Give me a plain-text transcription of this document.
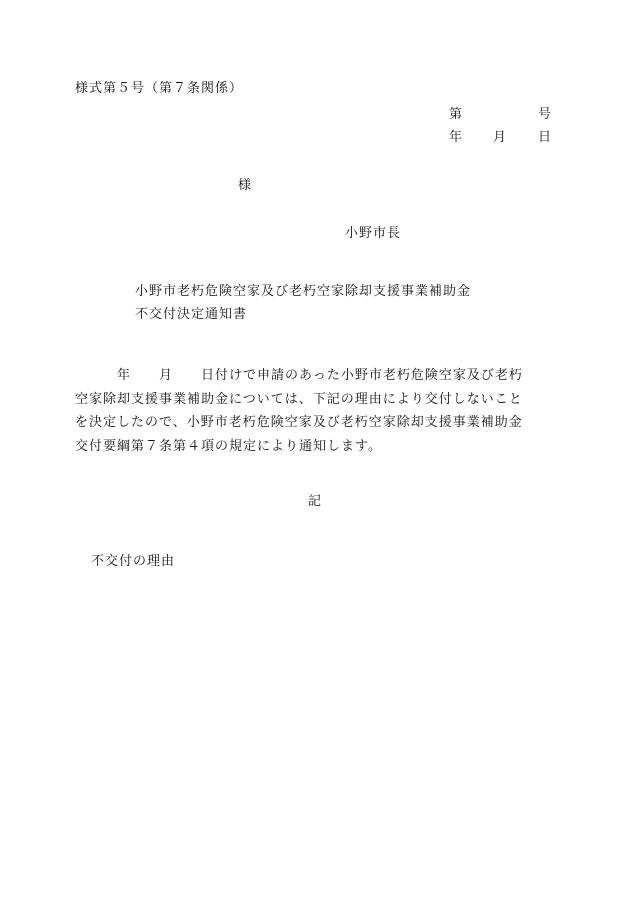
様式第５号（第７条関係）
第	号
年 月 日
様
小野市長
小野市老朽危険空家及び老朽空家除却支援事業補助金
不交付決定通知書
　　　年　　月　　日付けで申請のあった小野市老朽危険空家及び老朽
空家除却支援事業補助金については、下記の理由により交付しないこと
を決定したので、小野市老朽危険空家及び老朽空家除却支援事業補助金
交付要綱第７条第４項の規定により通知します。
記
不交付の理由
